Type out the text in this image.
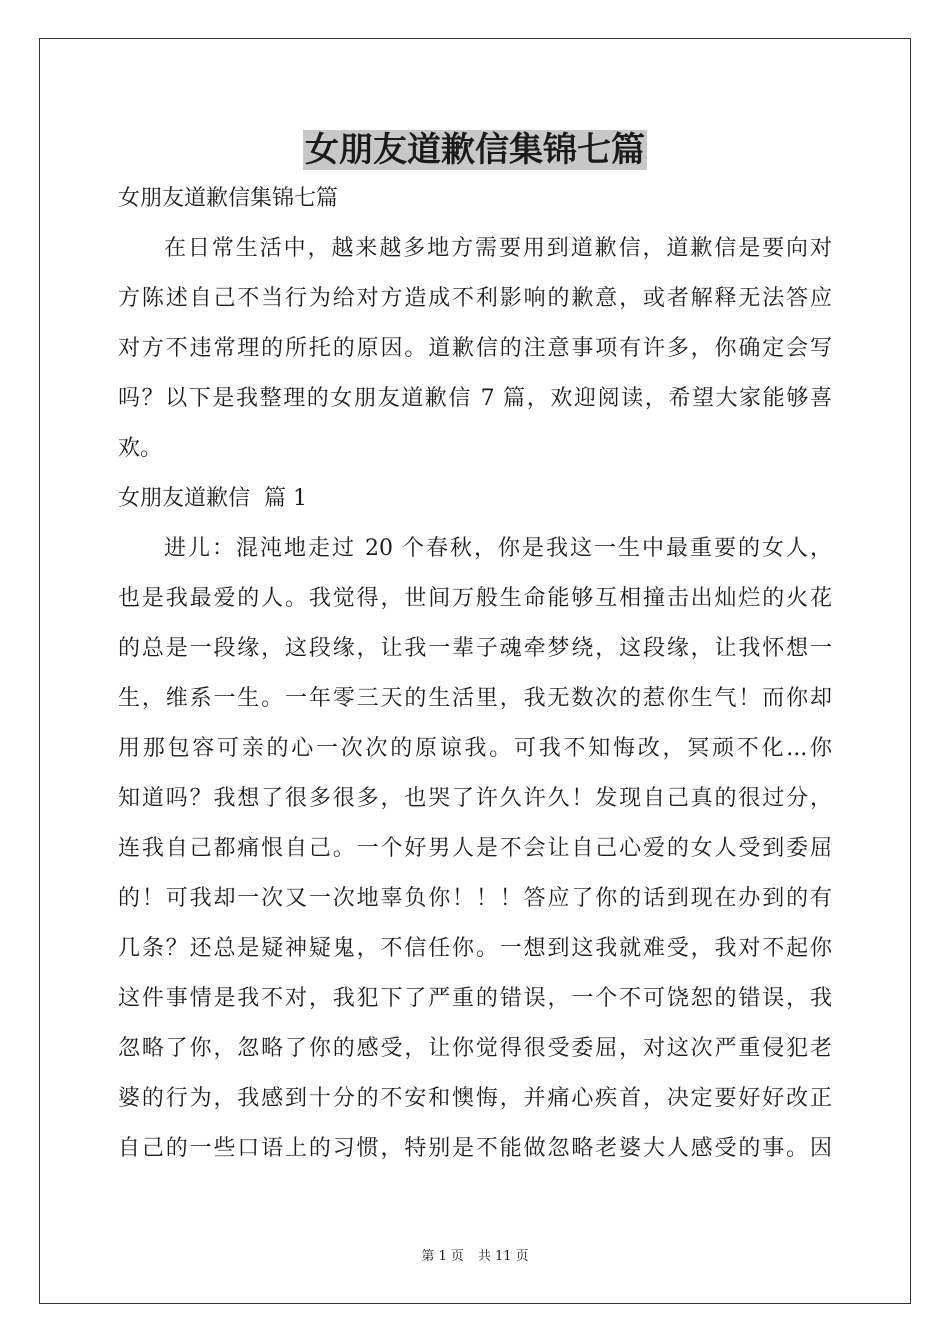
女朋友道歉信集锦七篇

女朋友道歉信集锦七篇

在日常生活中，越来越多地方需要用到道歉信，道歉信是要向对

方陈述自己不当行为给对方造成不利影响的歉意，或者解释无法答应

对方不违常理的所托的原因。道歉信的注意事项有许多，你确定会写

吗？以下是我整理的女朋友道歉信 7 篇，欢迎阅读，希望大家能够喜

欢。

女朋友道歉信  篇 1

进儿：混沌地走过 20 个春秋，你是我这一生中最重要的女人，

也是我最爱的人。我觉得，世间万般生命能够互相撞击出灿烂的火花

的总是一段缘，这段缘，让我一辈子魂牵梦绕，这段缘，让我怀想一

生，维系一生。一年零三天的生活里，我无数次的惹你生气！而你却

用那包容可亲的心一次次的原谅我。可我不知悔改，冥顽不化...你

知道吗？我想了很多很多，也哭了许久许久！发现自己真的很过分，

连我自己都痛恨自己。一个好男人是不会让自己心爱的女人受到委屈

的！可我却一次又一次地辜负你！！！答应了你的话到现在办到的有

几条？还总是疑神疑鬼，不信任你。一想到这我就难受，我对不起你

这件事情是我不对，我犯下了严重的错误，一个不可饶恕的错误，我

忽略了你，忽略了你的感受，让你觉得很受委屈，对这次严重侵犯老

婆的行为，我感到十分的不安和懊悔，并痛心疾首，决定要好好改正

自己的一些口语上的习惯，特别是不能做忽略老婆大人感受的事。因

第 1 页 共 11 页
